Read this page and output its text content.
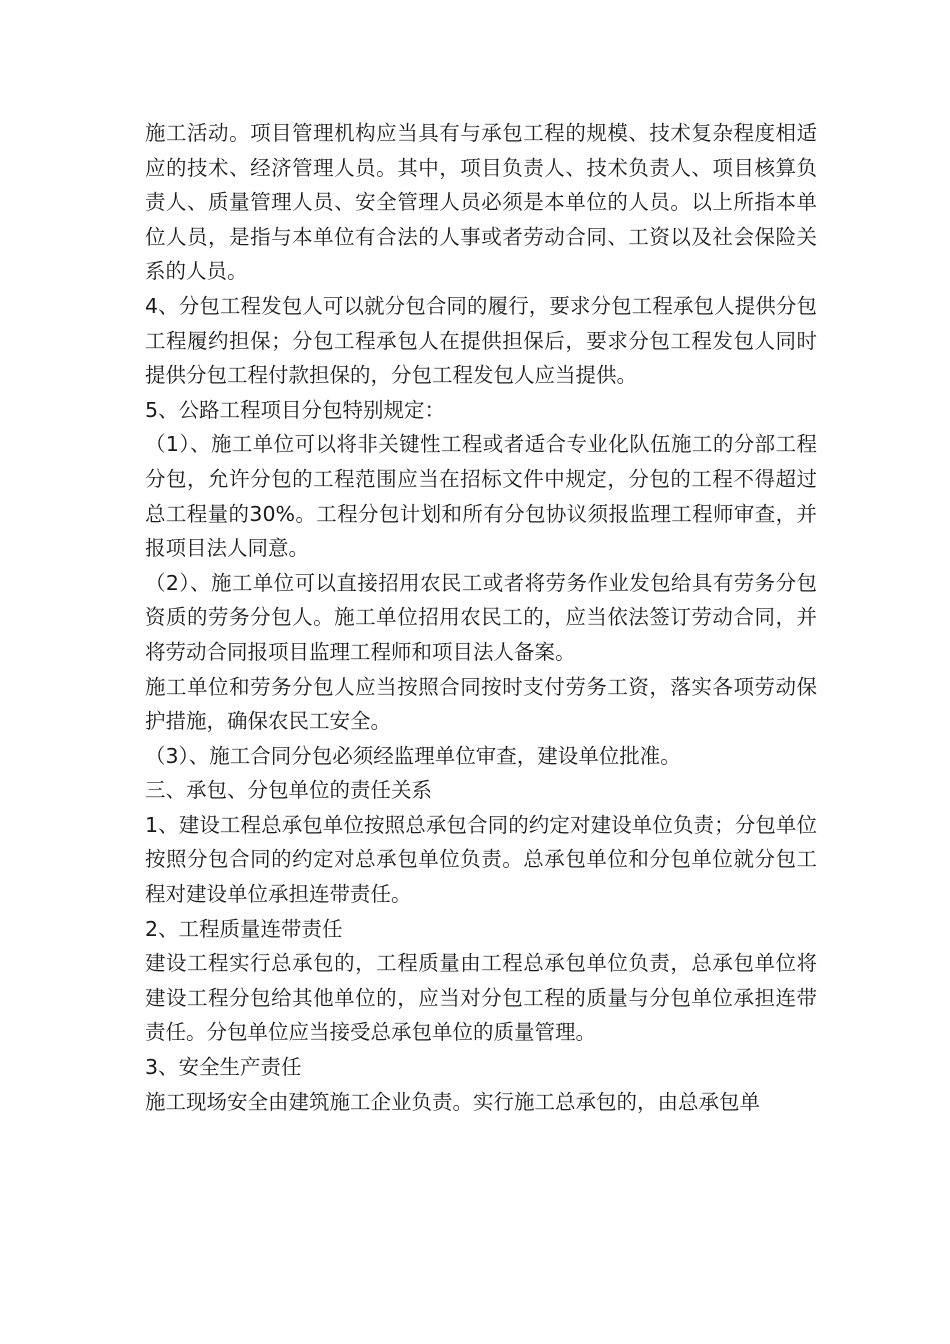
施工活动。项目管理机构应当具有与承包工程的规模、技术复杂程度相适应的技术、经济管理人员。其中，项目负责人、技术负责人、项目核算负责人、质量管理人员、安全管理人员必须是本单位的人员。以上所指本单位人员，是指与本单位有合法的人事或者劳动合同、工资以及社会保险关系的人员。

4、分包工程发包人可以就分包合同的履行，要求分包工程承包人提供分包工程履约担保；分包工程承包人在提供担保后，要求分包工程发包人同时提供分包工程付款担保的，分包工程发包人应当提供。

5、公路工程项目分包特别规定：

（1）、施工单位可以将非关键性工程或者适合专业化队伍施工的分部工程分包，允许分包的工程范围应当在招标文件中规定，分包的工程不得超过总工程量的30%。工程分包计划和所有分包协议须报监理工程师审查，并报项目法人同意。

（2）、施工单位可以直接招用农民工或者将劳务作业发包给具有劳务分包资质的劳务分包人。施工单位招用农民工的，应当依法签订劳动合同，并将劳动合同报项目监理工程师和项目法人备案。

施工单位和劳务分包人应当按照合同按时支付劳务工资，落实各项劳动保护措施，确保农民工安全。

（3）、施工合同分包必须经监理单位审查，建设单位批准。

三、承包、分包单位的责任关系

1、建设工程总承包单位按照总承包合同的约定对建设单位负责；分包单位按照分包合同的约定对总承包单位负责。总承包单位和分包单位就分包工程对建设单位承担连带责任。

2、工程质量连带责任

建设工程实行总承包的，工程质量由工程总承包单位负责，总承包单位将建设工程分包给其他单位的，应当对分包工程的质量与分包单位承担连带责任。分包单位应当接受总承包单位的质量管理。

3、安全生产责任

施工现场安全由建筑施工企业负责。实行施工总承包的，由总承包单
